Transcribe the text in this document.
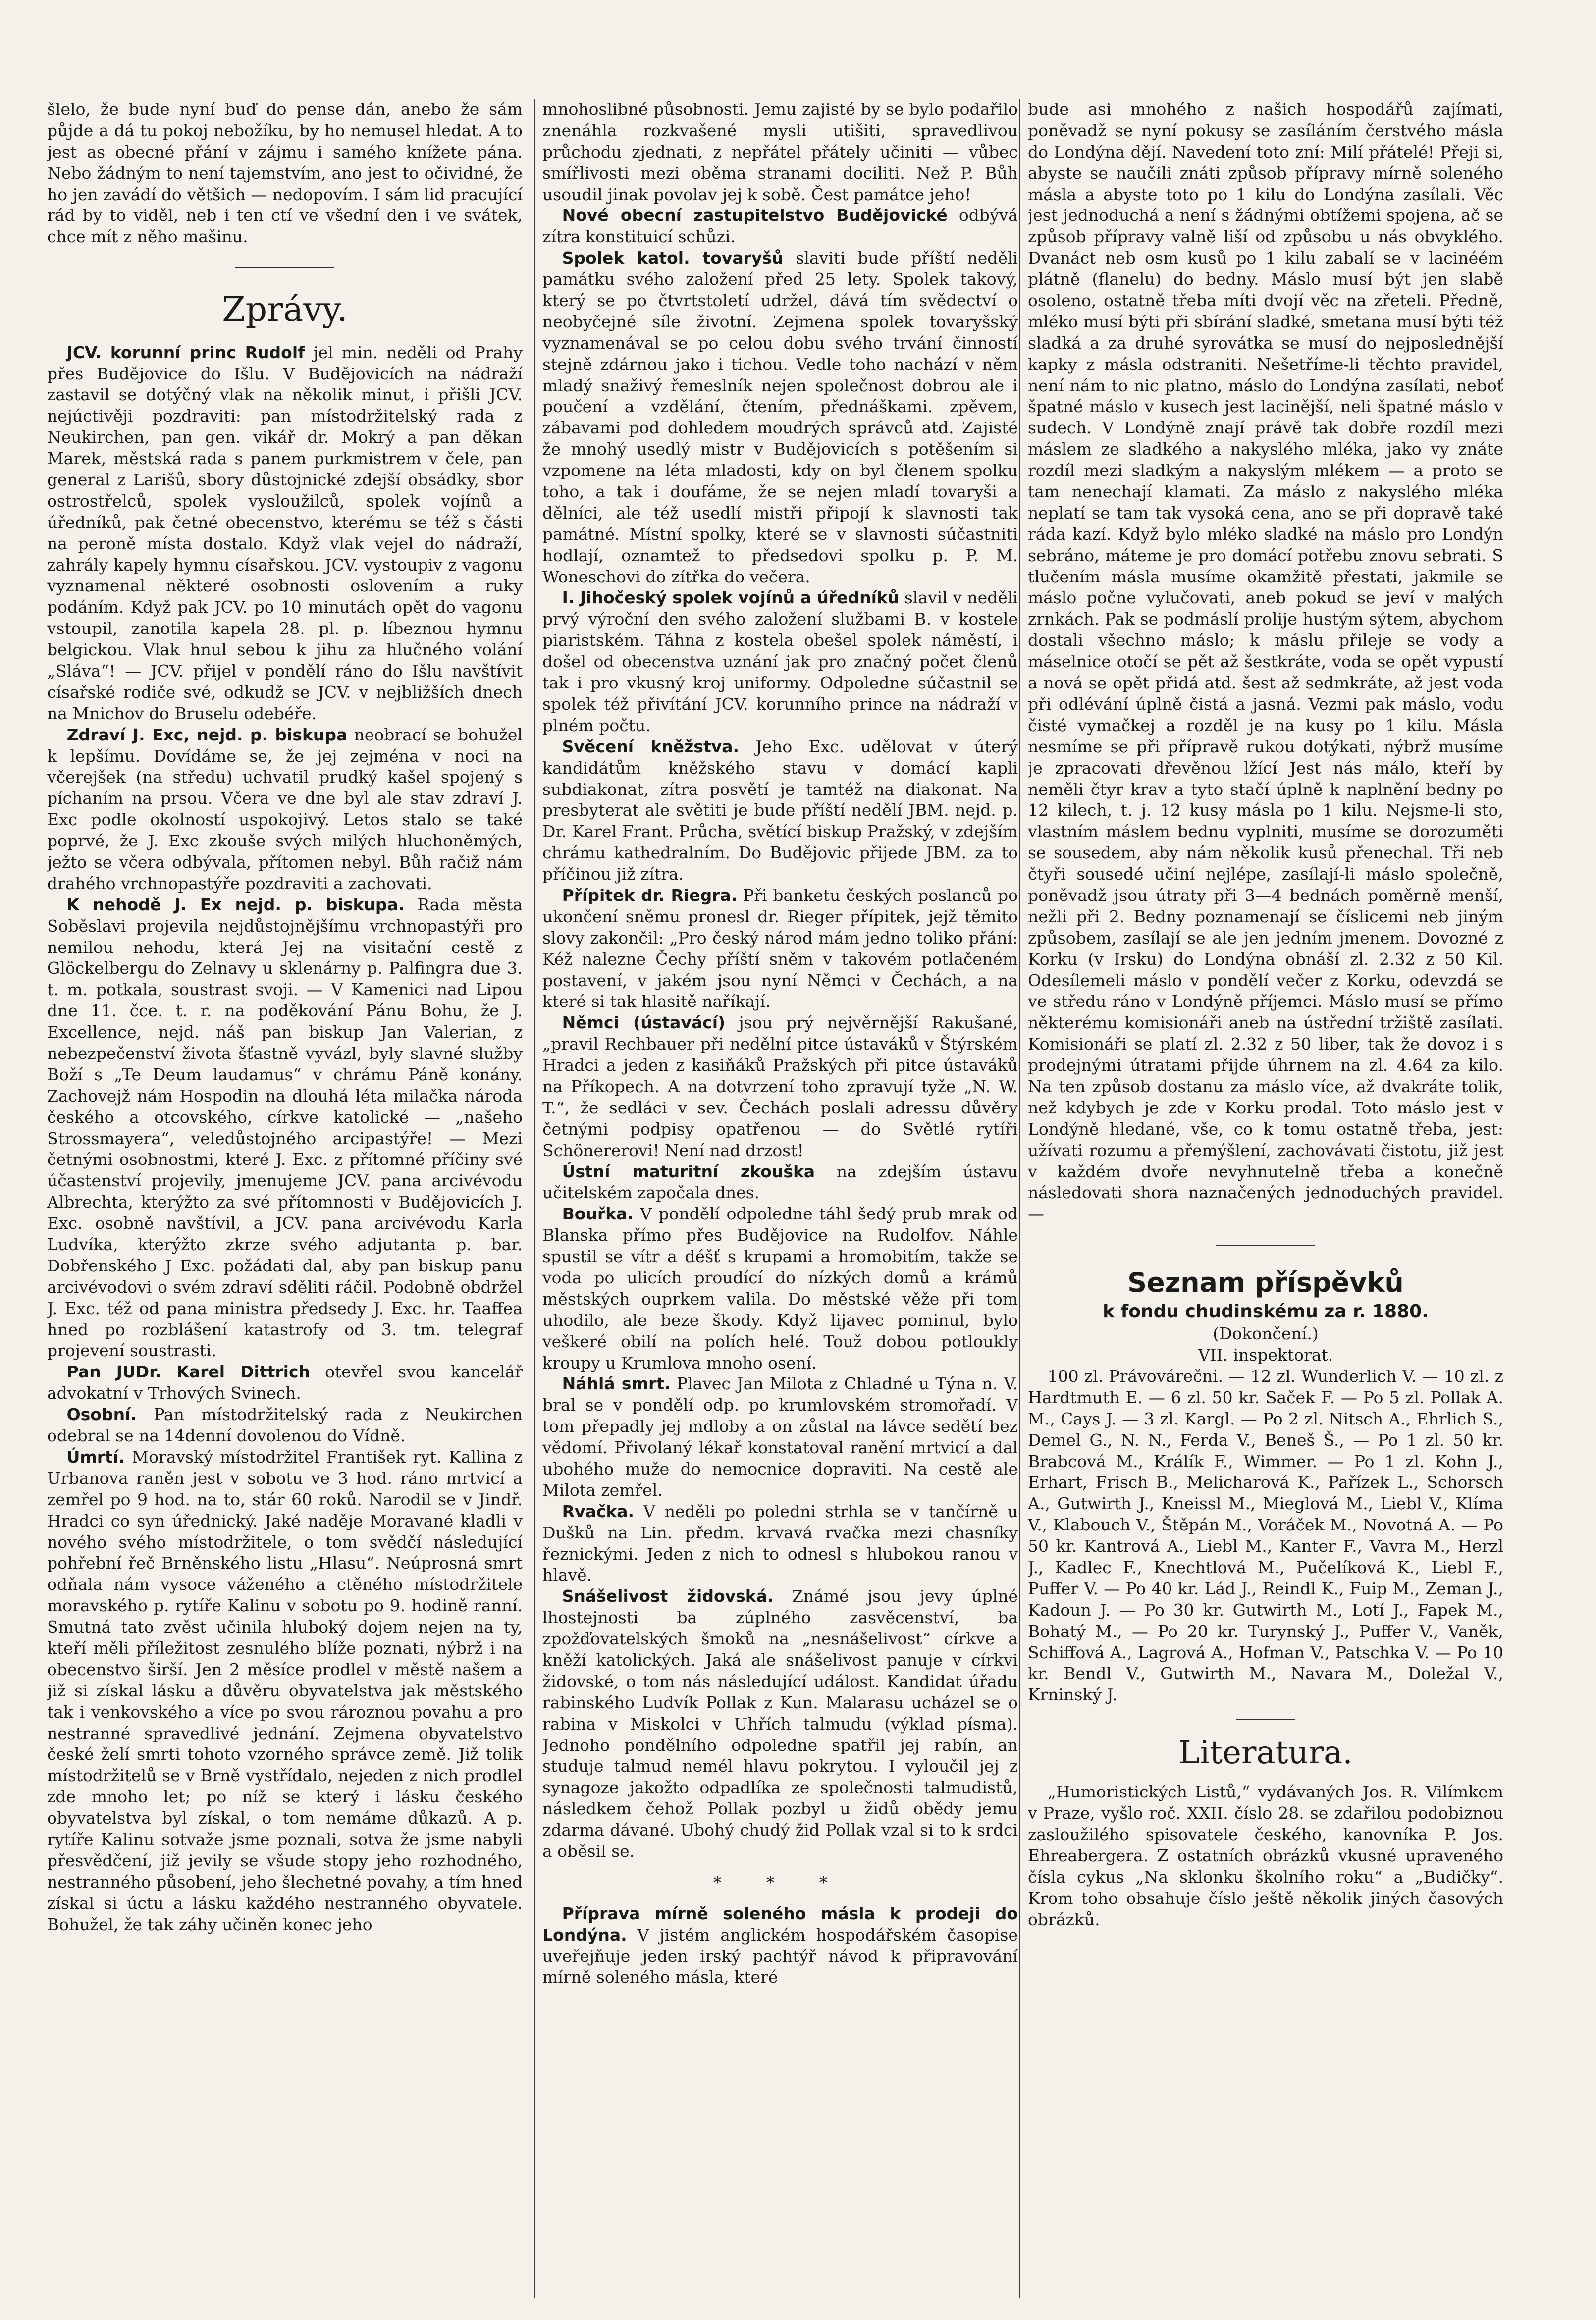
šlelo, že bude nyní buď do pense dán, anebo že sám půjde a dá tu pokoj nebožíku, by ho nemusel hledat. A to jest as obecné přání v zájmu i samého knížete pána. Nebo žádným to není tajemstvím, ano jest to očividné, že ho jen zavádí do většich — nedopovím. I sám lid pracující rád by to viděl, neb i ten ctí ve všední den i ve svátek, chce mít z něho mašinu.

Zprávy.

JCV. korunní princ Rudolf jel min. neděli od Prahy přes Budějovice do Išlu. V Budějovicích na nádraží zastavil se dotýčný vlak na několik minut, i přišli JCV. nejúctivěji pozdraviti: pan místodržitelský rada z Neukirchen, pan gen. vikář dr. Mokrý a pan děkan Marek, městská rada s panem purkmistrem v čele, pan general z Larišů, sbory důstojnické zdejší obsádky, sbor ostrostřelců, spolek vysloužilců, spolek vojínů a úředníků, pak četné obecenstvo, kterému se též s části na peroně místa dostalo. Když vlak vejel do nádraží, zahrály kapely hymnu císařskou. JCV. vystoupiv z vagonu vyznamenal některé osobnosti oslovením a ruky podáním. Když pak JCV. po 10 minutách opět do vagonu vstoupil, zanotila kapela 28. pl. p. líbeznou hymnu belgickou. Vlak hnul sebou k jihu za hlučného volání „Sláva“! — JCV. přijel v pondělí ráno do Išlu navštívit císařské rodiče své, odkudž se JCV. v nejbližších dnech na Mnichov do Bruselu odebéře.

Zdraví J. Exc, nejd. p. biskupa neobrací se bohužel k lepšímu. Dovídáme se, že jej zejména v noci na včerejšek (na středu) uchvatil prudký kašel spojený s píchaním na prsou. Včera ve dne byl ale stav zdraví J. Exc podle okolností uspokojivý. Letos stalo se také poprvé, že J. Exc zkouše svých milých hluchoněmých, ježto se včera odbývala, přítomen nebyl. Bůh račiž nám drahého vrchnopastýře pozdraviti a zachovati.

K nehodě J. Ex nejd. p. biskupa. Rada města Soběslavi projevila nejdůstojnějšímu vrchnopastýři pro nemilou nehodu, která Jej na visitační cestě z Glöckelbergu do Zelnavy u sklenárny p. Palfingra due 3. t. m. potkala, soustrast svoji. — V Kamenici nad Lipou dne 11. čce. t. r. na poděkování Pánu Bohu, že J. Excellence, nejd. náš pan biskup Jan Valerian, z nebezpečenství života šťastně vyvázl, byly slavné služby Boží s „Te Deum laudamus“ v chrámu Páně konány. Zachovejž nám Hospodin na dlouhá léta milačka národa českého a otcovského, církve katolické — „našeho Strossmayera“, veledůstojného arcipastýře! — Mezi četnými osobnostmi, které J. Exc. z přítomné příčiny své účastenství projevily, jmenujeme JCV. pana arcivévodu Albrechta, kterýžto za své přítomnosti v Budějovicích J. Exc. osobně navštívil, a JCV. pana arcivévodu Karla Ludvíka, kterýžto zkrze svého adjutanta p. bar. Dobřenského J Exc. požádati dal, aby pan biskup panu arcivévodovi o svém zdraví sděliti ráčil. Podobně obdržel J. Exc. též od pana ministra předsedy J. Exc. hr. Taaffea hned po rozblášení katastrofy od 3. tm. telegraf projevení soustrasti.

Pan JUDr. Karel Dittrich otevřel svou kancelář advokatní v Trhových Svinech.

Osobní. Pan místodržitelský rada z Neukirchen odebral se na 14denní dovolenou do Vídně.

Úmrtí. Moravský místodržitel František ryt. Kallina z Urbanova raněn jest v sobotu ve 3 hod. ráno mrtvicí a zemřel po 9 hod. na to, stár 60 roků. Narodil se v Jindř. Hradci co syn úřednický. Jaké naděje Moravané kladli v nového svého místodržitele, o tom svědčí následující pohřební řeč Brněnského listu „Hlasu“. Neúprosná smrt odňala nám vysoce váženého a ctěného místodržitele moravského p. rytíře Kalinu v sobotu po 9. hodině ranní. Smutná tato zvěst učinila hluboký dojem nejen na ty, kteří měli příležitost zesnulého blíže poznati, nýbrž i na obecenstvo širší. Jen 2 měsíce prodlel v městě našem a již si získal lásku a důvěru obyvatelstva jak městského tak i venkovského a více po svou rároznou povahu a pro nestranné spravedlivé jednání. Zejmena obyvatelstvo české želí smrti tohoto vzorného správce země. Již tolik místodržitelů se v Brně vystřídalo, nejeden z nich prodlel zde mnoho let; po níž se který i lásku českého obyvatelstva byl získal, o tom nemáme důkazů. A p. rytíře Kalinu sotvaže jsme poznali, sotva že jsme nabyli přesvědčení, již jevily se všude stopy jeho rozhodného, nestranného působení, jeho šlechetné povahy, a tím hned získal si úctu a lásku každého nestranného obyvatele. Bohužel, že tak záhy učiněn konec jeho

mnohoslibné působnosti. Jemu zajisté by se bylo podařilo znenáhla rozkvašené mysli utišiti, spravedlivou průchodu zjednati, z nepřátel přátely učiniti — vůbec smířlivosti mezi oběma stranami dociliti. Než P. Bůh usoudil jinak povolav jej k sobě. Čest památce jeho!

Nové obecní zastupitelstvo Budějovické odbývá zítra konstituicí schůzi.

Spolek katol. tovaryšů slaviti bude příští neděli památku svého založení před 25 lety. Spolek takový, který se po čtvrtstoletí udržel, dává tím svědectví o neobyčejné síle životní. Zejmena spolek tovaryšský vyznamenával se po celou dobu svého trvání činností stejně zdárnou jako i tichou. Vedle toho nachází v něm mladý snaživý řemeslník nejen společnost dobrou ale i poučení a vzdělání, čtením, přednáškami. zpěvem, zábavami pod dohledem moudrých správců atd. Zajisté že mnohý usedlý mistr v Budějovicích s potěšením si vzpomene na léta mladosti, kdy on byl členem spolku toho, a tak i doufáme, že se nejen mladí tovaryši a dělníci, ale též usedlí mistři připojí k slavnosti tak památné. Místní spolky, které se v slavnosti súčastniti hodlají, oznamtež to předsedovi spolku p. P. M. Woneschovi do zítřka do večera.

I. Jihočeský spolek vojínů a úředníků slavil v neděli prvý výroční den svého založení službami B. v kostele piaristském. Táhna z kostela obešel spolek náměstí, i došel od obecenstva uznání jak pro značný počet členů tak i pro vkusný kroj uniformy. Odpoledne súčastnil se spolek též přivítání JCV. korunního prince na nádraží v plném počtu.

Svěcení kněžstva. Jeho Exc. udělovat v úterý kandidátům kněžského stavu v domácí kapli subdiakonat, zítra posvětí je tamtéž na diakonat. Na presbyterat ale světiti je bude příští nedělí JBM. nejd. p. Dr. Karel Frant. Průcha, světící biskup Pražský, v zdejším chrámu kathedralním. Do Budějovic přijede JBM. za to příčinou již zítra.

Přípitek dr. Riegra. Při banketu českých poslanců po ukončení sněmu pronesl dr. Rieger přípitek, jejž těmito slovy zakončil: „Pro český národ mám jedno toliko přání: Kéž nalezne Čechy příští sněm v takovém potlačeném postavení, v jakém jsou nyní Němci v Čechách, a na které si tak hlasitě naříkají.

Němci (ústavácí) jsou prý nejvěrnější Rakušané, „pravil Rechbauer při nedělní pitce ústaváků v Štýrském Hradci a jeden z kasiňáků Pražských při pitce ústaváků na Příkopech. A na dotvrzení toho zpravují tyže „N. W. T.“, že sedláci v sev. Čechách poslali adressu důvěry četnými podpisy opatřenou — do Světlé rytíři Schönererovi! Není nad drzost!

Ústní maturitní zkouška na zdejším ústavu učitelském započala dnes.

Bouřka. V pondělí odpoledne táhl šedý prub mrak od Blanska přímo přes Budějovice na Rudolfov. Náhle spustil se vítr a déšť s krupami a hromobitím, takže se voda po ulicích proudící do nízkých domů a krámů městských ouprkem valila. Do městské věže při tom uhodilo, ale beze škody. Když lijavec pominul, bylo veškeré obilí na polích helé. Touž dobou potloukly kroupy u Krumlova mnoho osení.

Náhlá smrt. Plavec Jan Milota z Chladné u Týna n. V. bral se v pondělí odp. po krumlovském stromořadí. V tom přepadly jej mdloby a on zůstal na lávce sedětí bez vědomí. Přivolaný lékař konstatoval ranění mrtvicí a dal ubohého muže do nemocnice dopraviti. Na cestě ale Milota zemřel.

Rvačka. V neděli po poledni strhla se v tančírně u Dušků na Lin. předm. krvavá rvačka mezi chasníky řeznickými. Jeden z nich to odnesl s hlubokou ranou v hlavě.

Snášelivost židovská. Známé jsou jevy úplné lhostejnosti ba zúplného zasvěcenství, ba zpožďovatelských šmoků na „nesnášelivost“ církve a kněží katolických. Jaká ale snášelivost panuje v církvi židovské, o tom nás následující událost. Kandidat úřadu rabinského Ludvík Pollak z Kun. Malarasu ucházel se o rabina v Miskolci v Uhřích talmudu (výklad písma). Jednoho pondělního odpoledne spatřil jej rabín, an studuje talmud nemél hlavu pokrytou. I vyloučil jej z synagoze jakožto odpadlíka ze společnosti talmudistů, následkem čehož Pollak pozbyl u židů obědy jemu zdarma dávané. Ubohý chudý žid Pollak vzal si to k srdci a oběsil se.

* * *

Příprava mírně soleného másla k prodeji do Londýna. V jistém anglickém hospodářském časopise uveřejňuje jeden irský pachtýř návod k připravování mírně soleného másla, které

bude asi mnohého z našich hospodářů zajímati, poněvadž se nyní pokusy se zasíláním čerstvého másla do Londýna dějí. Navedení toto zní: Milí přátelé! Přeji si, abyste se naučili znáti způsob přípravy mírně soleného másla a abyste toto po 1 kilu do Londýna zasílali. Věc jest jednoduchá a není s žádnými obtížemi spojena, ač se způsob přípravy valně liší od způsobu u nás obvyklého. Dvanáct neb osm kusů po 1 kilu zabalí se v lacinéém plátně (flanelu) do bedny. Máslo musí být jen slabě osoleno, ostatně třeba míti dvojí věc na zřeteli. Předně, mléko musí býti při sbírání sladké, smetana musí býti též sladká a za druhé syrovátka se musí do nejposlednější kapky z másla odstraniti. Nešetříme-li těchto pravidel, není nám to nic platno, máslo do Londýna zasílati, neboť špatné máslo v kusech jest lacinější, neli špatné máslo v sudech. V Londýně znají právě tak dobře rozdíl mezi máslem ze sladkého a nakyslého mléka, jako vy znáte rozdíl mezi sladkým a nakyslým mlékem — a proto se tam nenechají klamati. Za máslo z nakyslého mléka neplatí se tam tak vysoká cena, ano se při dopravě také ráda kazí. Když bylo mléko sladké na máslo pro Londýn sebráno, máteme je pro domácí potřebu znovu sebrati. S tlučením másla musíme okamžitě přestati, jakmile se máslo počne vylučovati, aneb pokud se jeví v malých zrnkách. Pak se podmáslí prolije hustým sýtem, abychom dostali všechno máslo; k máslu přileje se vody a máselnice otočí se pět až šestkráte, voda se opět vypustí a nová se opět přidá atd. šest až sedmkráte, až jest voda při odlévání úplně čistá a jasná. Vezmi pak máslo, vodu čisté vymačkej a rozděl je na kusy po 1 kilu. Másla nesmíme se při přípravě rukou dotýkati, nýbrž musíme je zpracovati dřevěnou lžící Jest nás málo, kteří by neměli čtyr krav a tyto stačí úplně k naplnění bedny po 12 kilech, t. j. 12 kusy másla po 1 kilu. Nejsme-li sto, vlastním máslem bednu vyplniti, musíme se dorozuměti se sousedem, aby nám několik kusů přenechal. Tři neb čtyři sousedé učiní nejlépe, zasílají-li máslo společně, poněvadž jsou útraty při 3—4 bednách poměrně menší, nežli při 2. Bedny poznamenají se číslicemi neb jiným způsobem, zasílají se ale jen jedním jmenem. Dovozné z Korku (v Irsku) do Londýna obnáší zl. 2.32 z 50 Kil. Odesílemeli máslo v pondělí večer z Korku, odevzdá se ve středu ráno v Londýně příjemci. Máslo musí se přímo některému komisionáři aneb na ústřední tržiště zasílati. Komisionáři se platí zl. 2.32 z 50 liber, tak že dovoz i s prodejnými útratami přijde úhrnem na zl. 4.64 za kilo. Na ten způsob dostanu za máslo více, až dvakráte tolik, než kdybych je zde v Korku prodal. Toto máslo jest v Londýně hledané, vše, co k tomu ostatně třeba, jest: užívati rozumu a přemýšlení, zachovávati čistotu, již jest v každém dvoře nevyhnutelně třeba a konečně následovati shora naznačených jednoduchých pravidel. —

Seznam příspěvků
k fondu chudinskému za r. 1880.

(Dokončení.)

VII. inspektorat.

100 zl. Právovárečni. — 12 zl. Wunderlich V. — 10 zl. z Hardtmuth E. — 6 zl. 50 kr. Saček F. — Po 5 zl. Pollak A. M., Cays J. — 3 zl. Kargl. — Po 2 zl. Nitsch A., Ehrlich S., Demel G., N. N., Ferda V., Beneš Š., — Po 1 zl. 50 kr. Brabcová M., Králík F., Wimmer. — Po 1 zl. Kohn J., Erhart, Frisch B., Melicharová K., Pařízek L., Schorsch A., Gutwirth J., Kneissl M., Mieglová M., Liebl V., Klíma V., Klabouch V., Štěpán M., Voráček M., Novotná A. — Po 50 kr. Kantrová A., Liebl M., Kanter F., Vavra M., Herzl J., Kadlec F., Knechtlová M., Pučelíková K., Liebl F., Puffer V. — Po 40 kr. Lád J., Reindl K., Fuip M., Zeman J., Kadoun J. — Po 30 kr. Gutwirth M., Lotí J., Fapek M., Bohatý M., — Po 20 kr. Turynský J., Puffer V., Vaněk, Schiffová A., Lagrová A., Hofman V., Patschka V. — Po 10 kr. Bendl V., Gutwirth M., Navara M., Doležal V., Krninský J.

Literatura.

„Humoristických Listů,“ vydávaných Jos. R. Vilímkem v Praze, vyšlo roč. XXII. číslo 28. se zdařilou podobiznou zasloužilého spisovatele českého, kanovníka P. Jos. Ehreabergera. Z ostatních obrázků vkusné upraveného čísla cykus „Na sklonku školního roku“ a „Budičky“. Krom toho obsahuje číslo ještě několik jiných časových obrázků.
